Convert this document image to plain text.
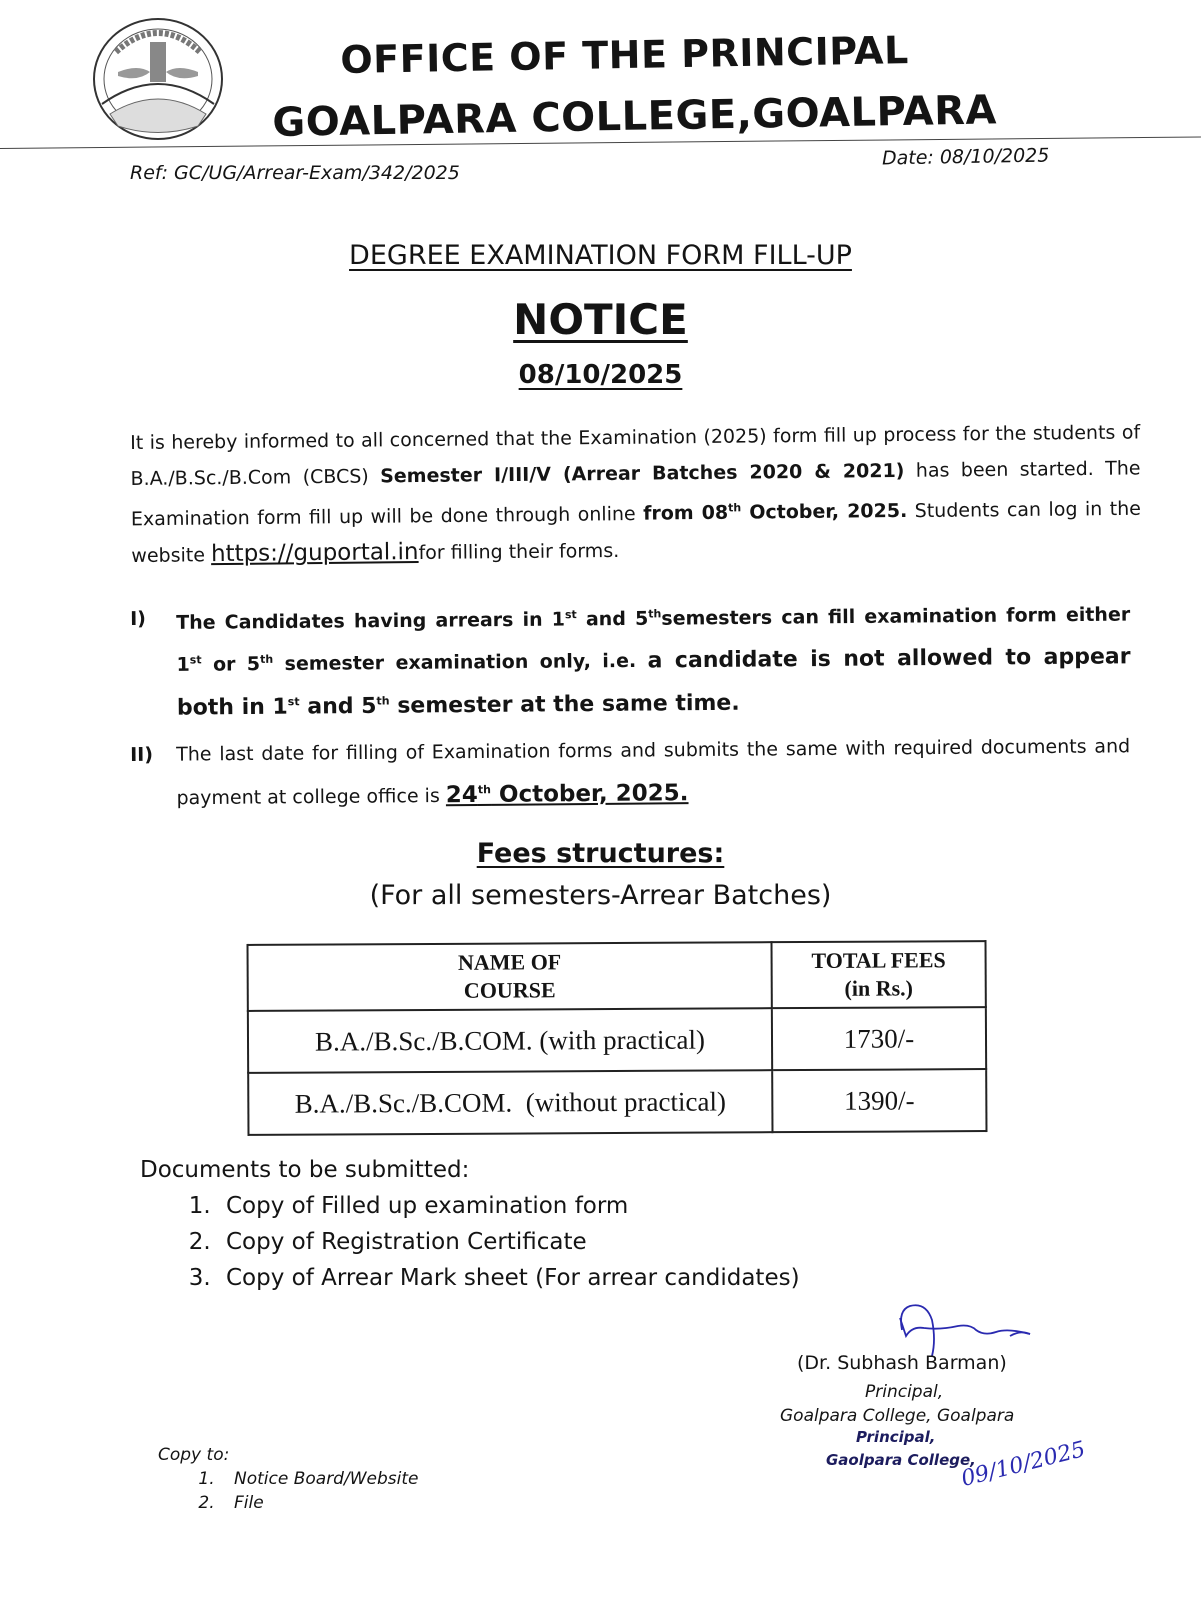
OFFICE OF THE PRINCIPAL
GOALPARA COLLEGE,GOALPARA
Ref: GC/UG/Arrear-Exam/342/2025
Date: 08/10/2025
DEGREE EXAMINATION FORM FILL-UP
NOTICE
08/10/2025
It is hereby informed to all concerned that the Examination (2025) form fill up process for the students of B.A./B.Sc./B.Com (CBCS) Semester I/III/V (Arrear Batches 2020 & 2021) has been started. The Examination form fill up will be done through online from 08th October, 2025. Students can log in the website https://guportal.infor filling their forms.
I)	The Candidates having arrears in 1st and 5thsemesters can fill examination form either 1st or 5th semester examination only, i.e. a candidate is not allowed to appear both in 1st and 5th semester at the same time.
II)	The last date for filling of Examination forms and submits the same with required documents and payment at college office is 24th October, 2025.
Fees structures:
(For all semesters-Arrear Batches)
NAME OF COURSE	TOTAL FEES (in Rs.)
B.A./B.Sc./B.COM. (with practical)	1730/-
B.A./B.Sc./B.COM.  (without practical)	1390/-
Documents to be submitted:
1. Copy of Filled up examination form
2. Copy of Registration Certificate
3. Copy of Arrear Mark sheet (For arrear candidates)
(Dr. Subhash Barman)
Principal,
Goalpara College, Goalpara
Principal,
Gaolpara College,
09/10/2025
Copy to:
1. Notice Board/Website
2. File
